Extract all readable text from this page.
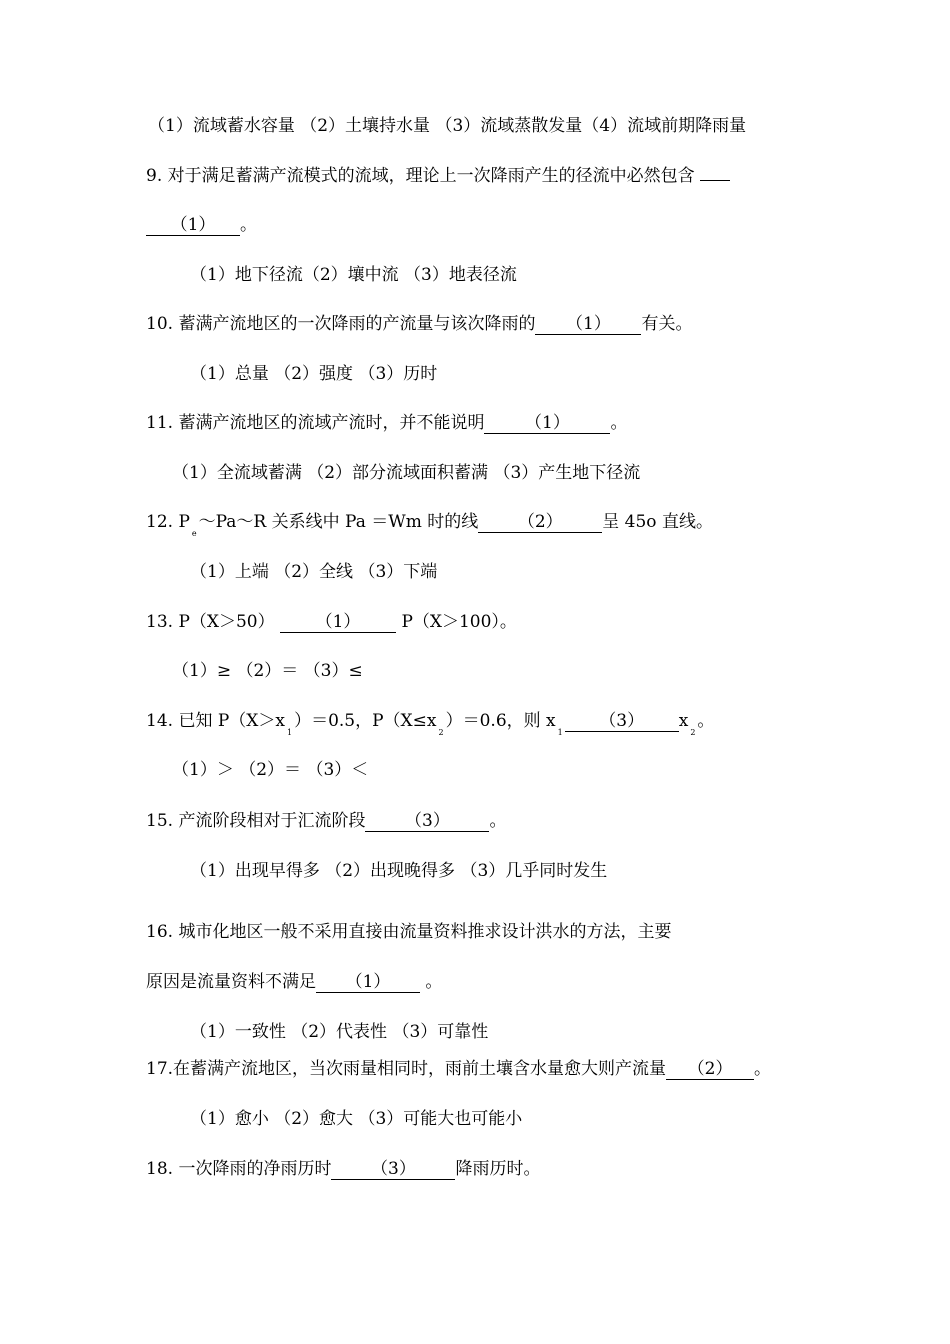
（1）流域蓄水容量 （2）土壤持水量 （3）流域蒸散发量（4）流域前期降雨量
9. 对于满足蓄满产流模式的流域，理论上一次降雨产生的径流中必然包含
（1） 。
（1）地下径流（2）壤中流 （3）地表径流
10. 蓄满产流地区的一次降雨的产流量与该次降雨的 （1） 有关。
（1）总量 （2）强度 （3）历时
11. 蓄满产流地区的流域产流时，并不能说明 （1） 。
（1）全流域蓄满 （2）部分流域面积蓄满 （3）产生地下径流
12. $P_e\sim Pa\sim R$ 关系线中 Pa ＝Wm 时的线 （2） 呈 45o 直线。
（1）上端 （2）全线 （3）下端
13. P（X＞50） （1） P（X＞100）。
（1）≥ （2）＝ （3）≤
14. 已知 $P(X>x_1)=0.5$，$P(X\le x_2)=0.6$，则 $x_1(3)$ $x_2$。
（1）＞ （2）＝ （3）＜
15. 产流阶段相对于汇流阶段 （3） 。
（1）出现早得多 （2）出现晚得多 （3）几乎同时发生
16. 城市化地区一般不采用直接由流量资料推求设计洪水的方法，主要
原因是流量资料不满足 （1） 。
（1）一致性 （2）代表性 （3）可靠性
17.在蓄满产流地区，当次雨量相同时，雨前土壤含水量愈大则产流量 （2） 。
（1）愈小 （2）愈大 （3）可能大也可能小
18. 一次降雨的净雨历时 （3） 降雨历时。
